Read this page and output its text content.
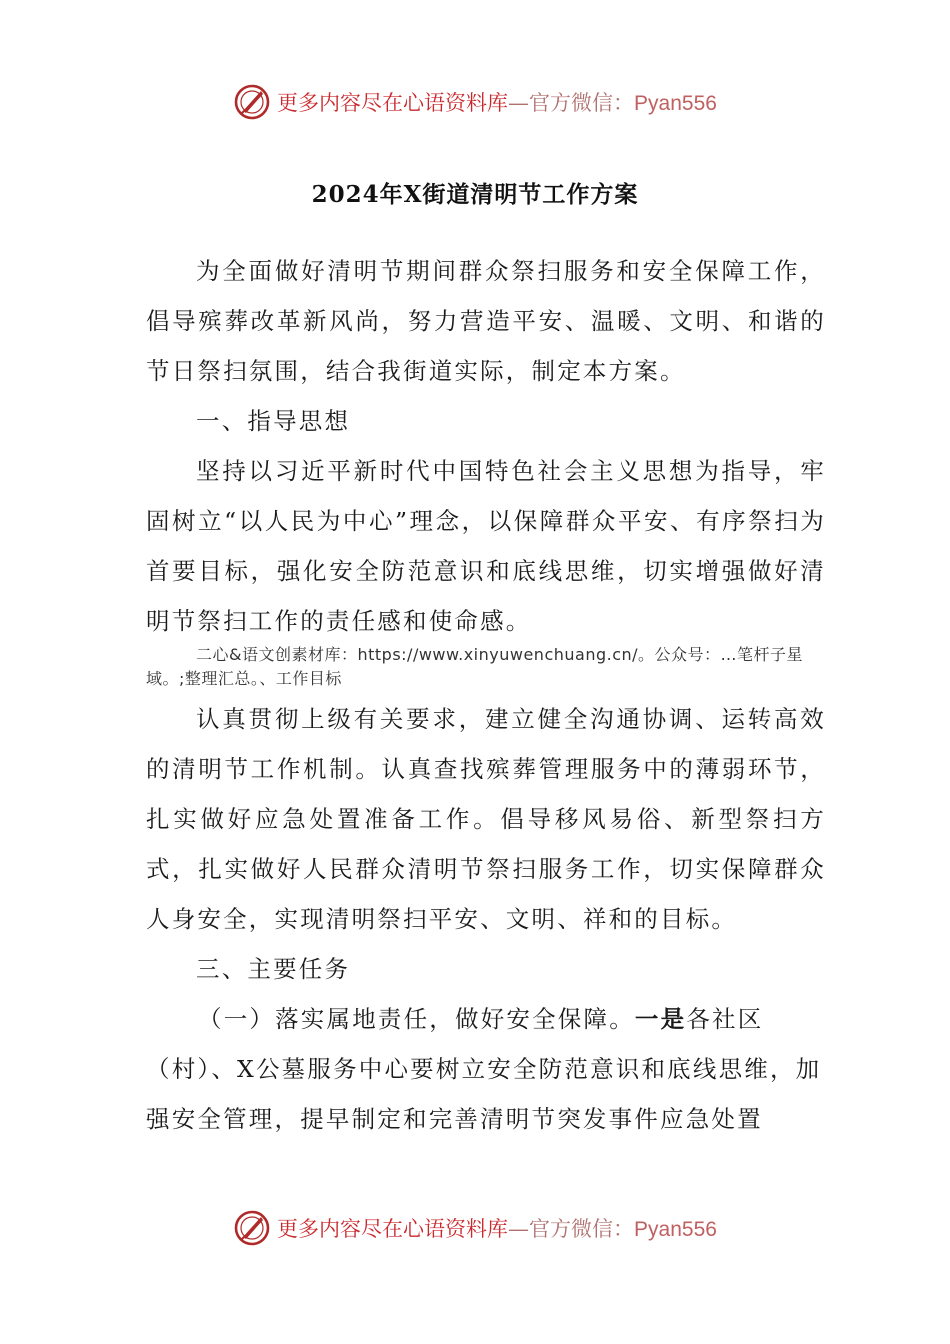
更多内容尽在心语资料库—官方微信：Pyan556
2024年X街道清明节工作方案

为全面做好清明节期间群众祭扫服务和安全保障工作，倡导殡葬改革新风尚，努力营造平安、温暖、文明、和谐的节日祭扫氛围，结合我街道实际，制定本方案。

一、指导思想

坚持以习近平新时代中国特色社会主义思想为指导，牢固树立“以人民为中心”理念，以保障群众平安、有序祭扫为首要目标，强化安全防范意识和底线思维，切实增强做好清明节祭扫工作的责任感和使命感。

二心&语文创素材库：https://www.xinyuwenchuang.cn/。公众号：…笔杆子星域。;整理汇总。、工作目标

认真贯彻上级有关要求，建立健全沟通协调、运转高效的清明节工作机制。认真查找殡葬管理服务中的薄弱环节，扎实做好应急处置准备工作。倡导移风易俗、新型祭扫方式，扎实做好人民群众清明节祭扫服务工作，切实保障群众人身安全，实现清明祭扫平安、文明、祥和的目标。

三、主要任务

（一）落实属地责任，做好安全保障。一是各社区（村）、X公墓服务中心要树立安全防范意识和底线思维，加强安全管理，提早制定和完善清明节突发事件应急处置

更多内容尽在心语资料库—官方微信：Pyan556
